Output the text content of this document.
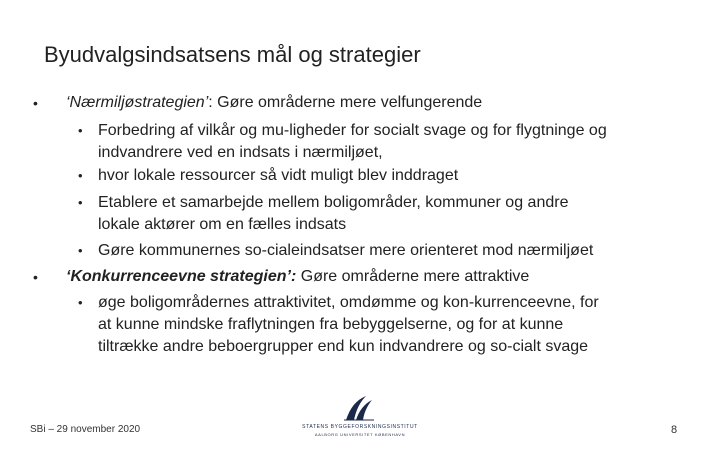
Byudvalgsindsatsens mål og strategier
• ‘Nærmiljøstrategien’: Gøre områderne mere velfungerende
• Forbedring af vilkår og mu-ligheder for socialt svage og for flygtninge og
indvandrere ved en indsats i nærmiljøet,
• hvor lokale ressourcer så vidt muligt blev inddraget
• Etablere et samarbejde mellem boligområder, kommuner og andre
lokale aktører om en fælles indsats
• Gøre kommunernes so-cialeindsatser mere orienteret mod nærmiljøet
• ‘Konkurrenceevne strategien’: Gøre områderne mere attraktive
• øge boligområdernes attraktivitet, omdømme og kon-kurrenceevne, for
at kunne mindske fraflytningen fra bebyggelserne, og for at kunne
tiltrække andre beboergrupper end kun indvandrere og so-cialt svage
SBi – 29 november 2020	STATENS BYGGEFORSKNINGSINSTITUT
AALBORG UNIVERSITET KØBENHAVN	8
